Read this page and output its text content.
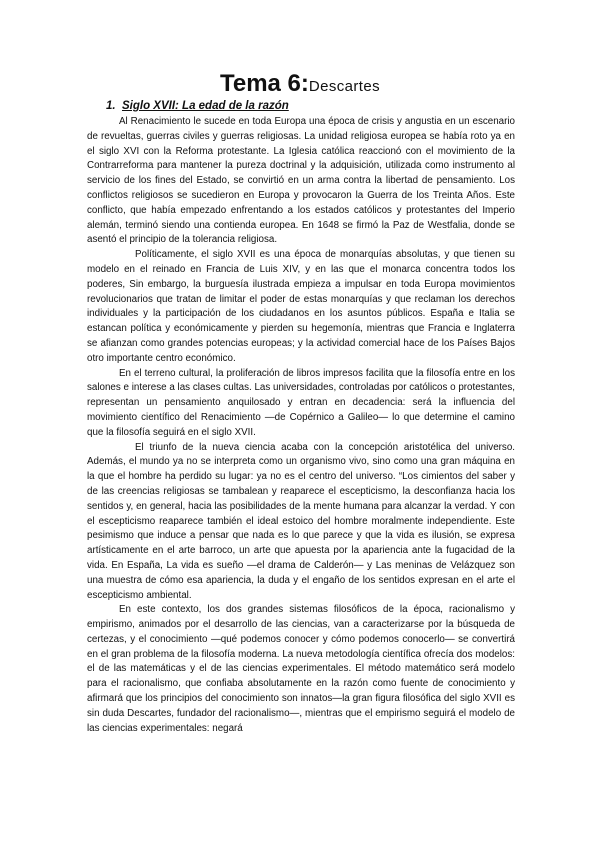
Tema 6:Descartes
1. Siglo XVII: La edad de la razón

Al Renacimiento le sucede en toda Europa una época de crisis y angustia en un escenario de revueltas, guerras civiles y guerras religiosas. La unidad religiosa europea se había roto ya en el siglo XVI con la Reforma protestante. La Iglesia católica reaccionó con el movimiento de la Contrarreforma para mantener la pureza doctrinal y la adquisición, utilizada como instrumento al servicio de los fines del Estado, se convirtió en un arma contra la libertad de pensamiento. Los conflictos religiosos se sucedieron en Europa y provocaron la Guerra de los Treinta Años. Este conflicto, que había empezado enfrentando a los estados católicos y protestantes del Imperio alemán, terminó siendo una contienda europea. En 1648 se firmó la Paz de Westfalia, donde se asentó el principio de la tolerancia religiosa.

Políticamente, el siglo XVII es una época de monarquías absolutas, y que tienen su modelo en el reinado en Francia de Luis XIV, y en las que el monarca concentra todos los poderes, Sin embargo, la burguesía ilustrada empieza a impulsar en toda Europa movimientos revolucionarios que tratan de limitar el poder de estas monarquías y que reclaman los derechos individuales y la participación de los ciudadanos en los asuntos públicos. España e Italia se estancan política y económicamente y pierden su hegemonía, mientras que Francia e Inglaterra se afianzan como grandes potencias europeas; y la actividad comercial hace de los Países Bajos otro importante centro económico.

En el terreno cultural, la proliferación de libros impresos facilita que la filosofía entre en los salones e interese a las clases cultas. Las universidades, controladas por católicos o protestantes, representan un pensamiento anquilosado y entran en decadencia: será la influencia del movimiento científico del Renacimiento —de Copérnico a Galileo— lo que determine el camino que la filosofía seguirá en el siglo XVII.

El triunfo de la nueva ciencia acaba con la concepción aristotélica del universo. Además, el mundo ya no se interpreta como un organismo vivo, sino como una gran máquina en la que el hombre ha perdido su lugar: ya no es el centro del universo. “Los cimientos del saber y de las creencias religiosas se tambalean y reaparece el escepticismo, la desconfianza hacia los sentidos y, en general, hacia las posibilidades de la mente humana para alcanzar la verdad. Y con el escepticismo reaparece también el ideal estoico del hombre moralmente independiente. Este pesimismo que induce a pensar que nada es lo que parece y que la vida es ilusión, se expresa artísticamente en el arte barroco, un arte que apuesta por la apariencia ante la fugacidad de la vida. En España, La vida es sueño —el drama de Calderón— y Las meninas de Velázquez son una muestra de cómo esa apariencia, la duda y el engaño de los sentidos expresan en el arte el escepticismo ambiental.

En este contexto, los dos grandes sistemas filosóficos de la época, racionalismo y empirismo, animados por el desarrollo de las ciencias, van a caracterizarse por la búsqueda de certezas, y el conocimiento —qué podemos conocer y cómo podemos conocerlo— se convertirá en el gran problema de la filosofía moderna. La nueva metodología científica ofrecía dos modelos: el de las matemáticas y el de las ciencias experimentales. El método matemático será modelo para el racionalismo, que confiaba absolutamente en la razón como fuente de conocimiento y afirmará que los principios del conocimiento son innatos—la gran figura filosófica del siglo XVII es sin duda Descartes, fundador del racionalismo—, mientras que el empirismo seguirá el modelo de las ciencias experimentales: negará
